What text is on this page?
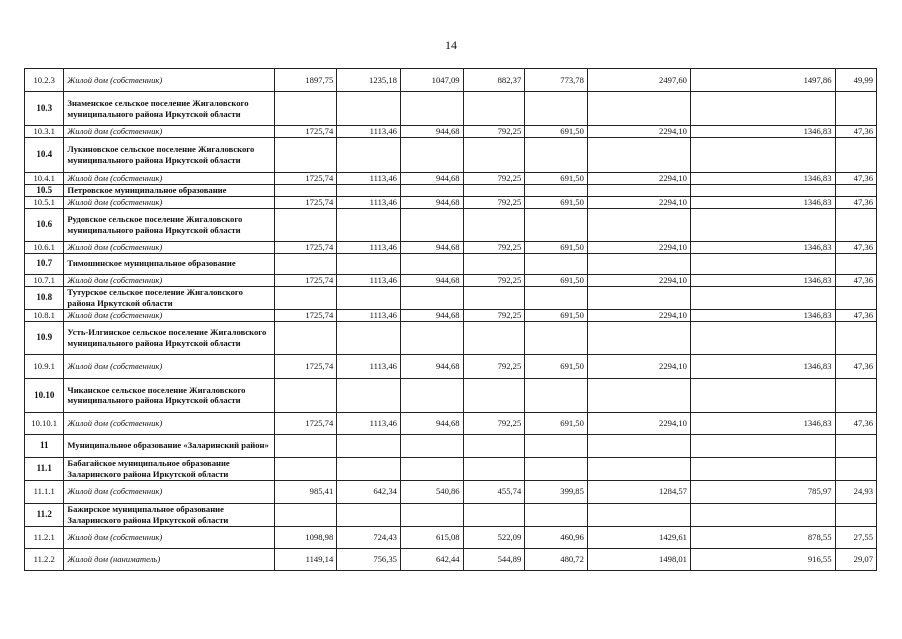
14
10.2.3	Жилой дом (собственник)	1897,75	1235,18	1047,09	882,37	773,78	2497,60	1497,86	49,99
10.3	Знаменское сельское поселение Жигаловского муниципального района Иркутской области								
10.3.1	Жилой дом (собственник)	1725,74	1113,46	944,68	792,25	691,50	2294,10	1346,83	47,36
10.4	Лукиновское сельское поселение Жигаловского муниципального района Иркутской области								
10.4.1	Жилой дом (собственник)	1725,74	1113,46	944,68	792,25	691,50	2294,10	1346,83	47,36
10.5	Петровское муниципальное образование								
10.5.1	Жилой дом (собственник)	1725,74	1113,46	944,68	792,25	691,50	2294,10	1346,83	47,36
10.6	Рудовское сельское поселение Жигаловского муниципального района Иркутской области								
10.6.1	Жилой дом (собственник)	1725,74	1113,46	944,68	792,25	691,50	2294,10	1346,83	47,36
10.7	Тимошинское муниципальное образование								
10.7.1	Жилой дом (собственник)	1725,74	1113,46	944,68	792,25	691,50	2294,10	1346,83	47,36
10.8	Тутурское сельское поселение Жигаловского района Иркутской области								
10.8.1	Жилой дом (собственник)	1725,74	1113,46	944,68	792,25	691,50	2294,10	1346,83	47,36
10.9	Усть-Илгинское сельское поселение Жигаловского муниципального района Иркутской области								
10.9.1	Жилой дом (собственник)	1725,74	1113,46	944,68	792,25	691,50	2294,10	1346,83	47,36
10.10	Чиканское сельское поселение Жигаловского муниципального района Иркутской области								
10.10.1	Жилой дом (собственник)	1725,74	1113,46	944,68	792,25	691,50	2294,10	1346,83	47,36
11	Муниципальное образование «Заларинский район»								
11.1	Бабагайское муниципальное образование Заларинского района Иркутской области								
11.1.1	Жилой дом (собственник)	985,41	642,34	540,86	455,74	399,85	1284,57	785,97	24,93
11.2	Бажирское муниципальное образование Заларинского района Иркутской области								
11.2.1	Жилой дом (собственник)	1098,98	724,43	615,08	522,09	460,96	1429,61	878,55	27,55
11.2.2	Жилой дом (наниматель)	1149,14	756,35	642,44	544,89	480,72	1498,01	916,55	29,07
